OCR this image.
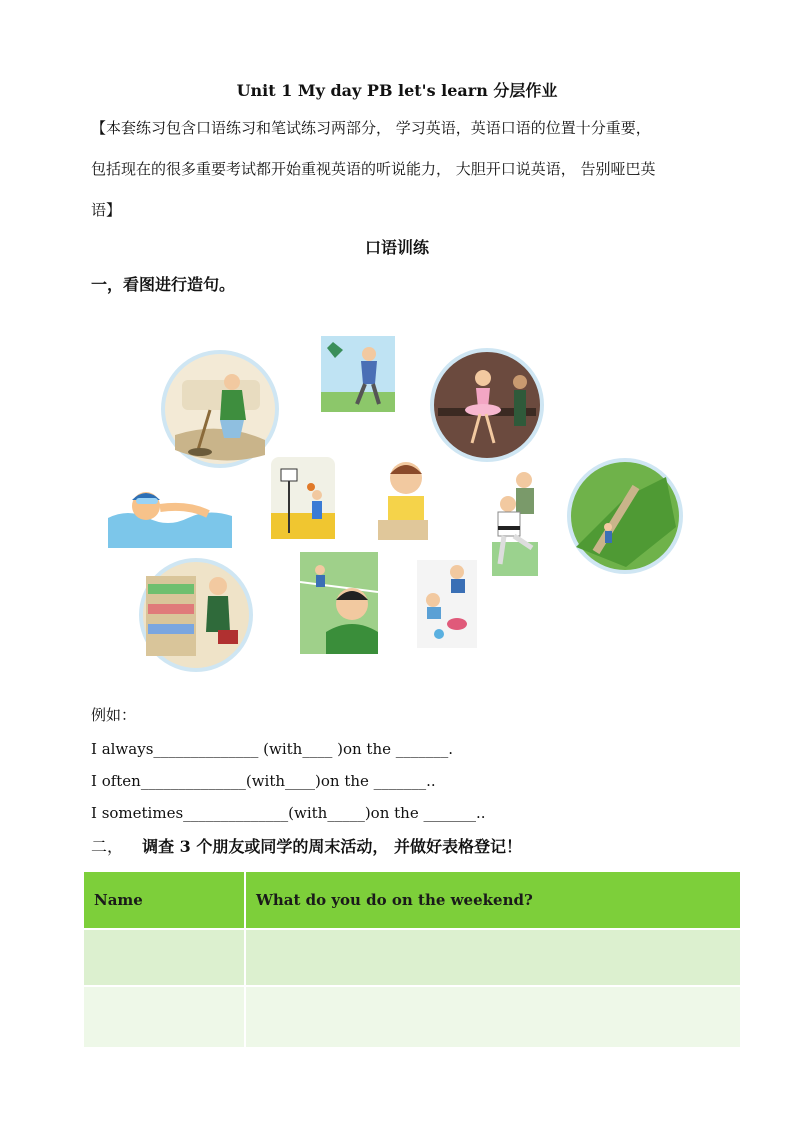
Unit 1 My day PB let's learn 分层作业
【本套练习包含口语练习和笔试练习两部分， 学习英语，英语口语的位置十分重要，
包括现在的很多重要考试都开始重视英语的听说能力， 大胆开口说英语， 告别哑巴英
语】
口语训练
一，看图进行造句。
例如：
I always______________ (with____ )on the _______.
I often______________(with____)on the _______..
I sometimes______________(with_____)on the _______..
二， 调查 3 个朋友或同学的周末活动， 并做好表格登记！
Name	What do you do on the weekend?
